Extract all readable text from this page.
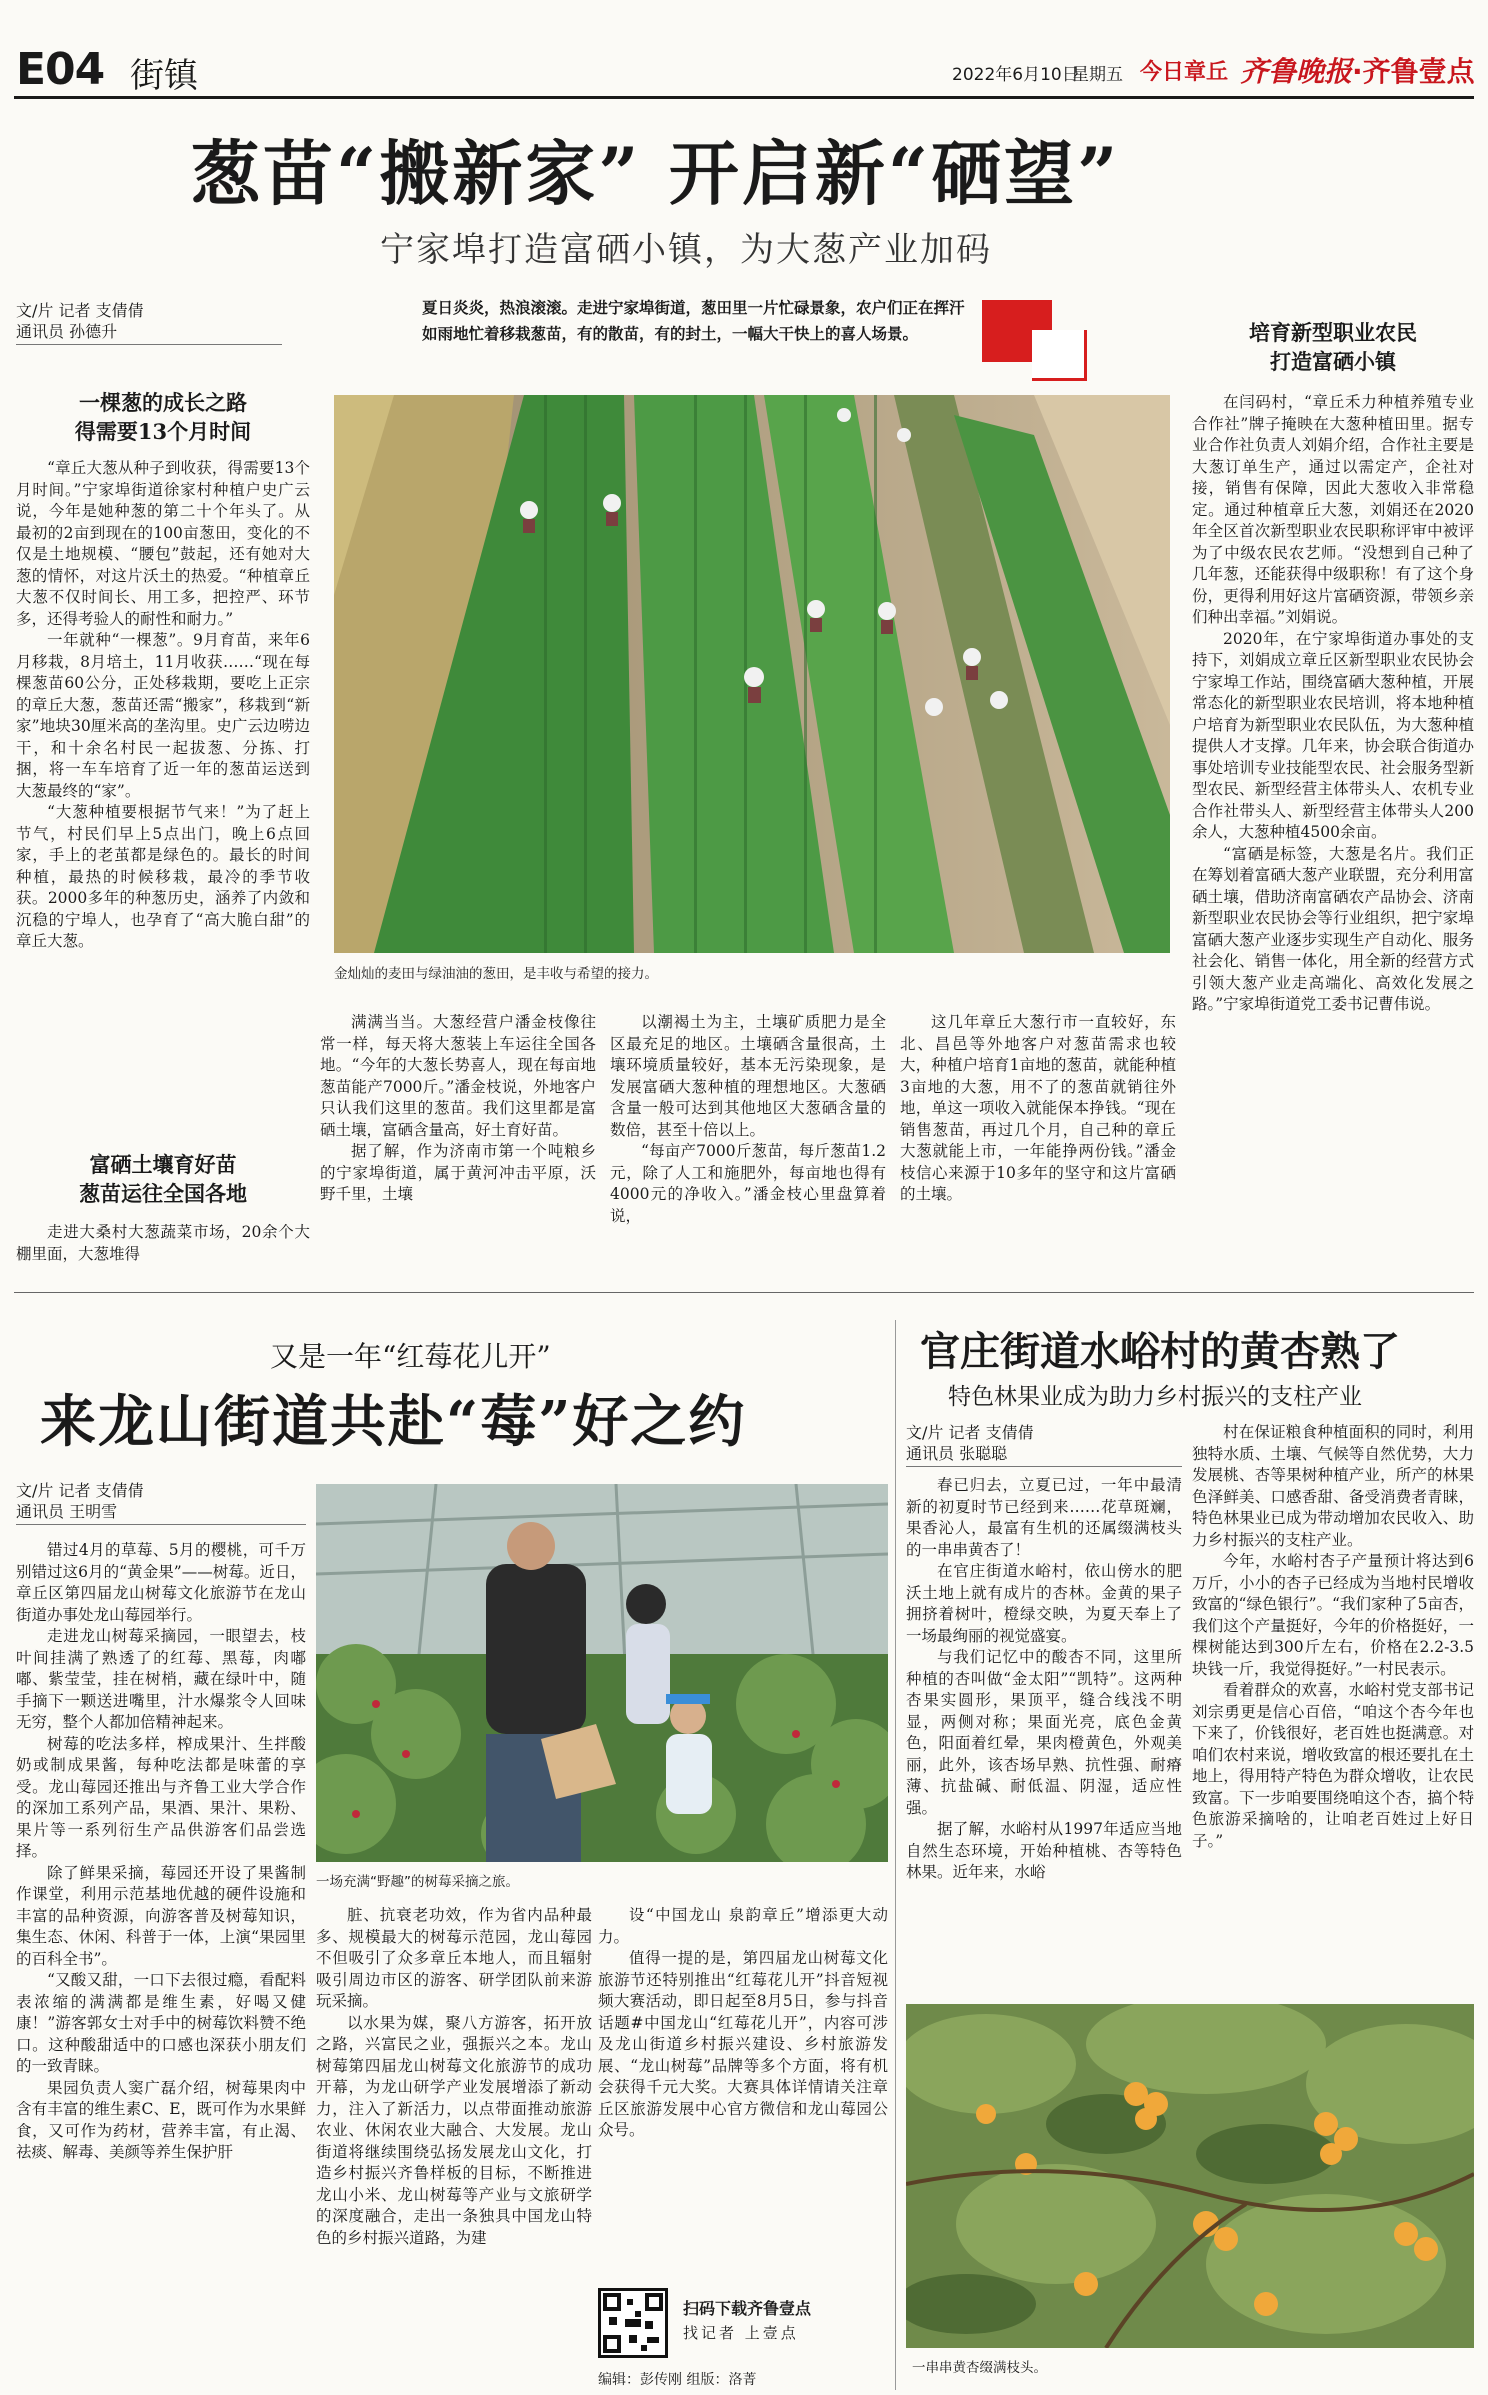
E04 街镇	2022年6月10日
星期五 今日章丘 齐鲁晚报 ·齐鲁壹点
葱苗“搬新家” 开启新“硒望”
宁家埠打造富硒小镇，为大葱产业加码
文/片 记者 支倩倩
通讯员 孙德升
夏日炎炎，热浪滚滚。走进宁家埠街道，葱田里一片忙碌景象，农户们正在挥汗如雨地忙着移栽葱苗，有的散苗，有的封土，一幅大干快上的喜人场景。
一棵葱的成长之路
得需要13个月时间

“章丘大葱从种子到收获，得需要13个月时间。”宁家埠街道徐家村种植户史广云说，今年是她种葱的第二十个年头了。从最初的2亩到现在的100亩葱田，变化的不仅是土地规模、“腰包”鼓起，还有她对大葱的情怀，对这片沃土的热爱。“种植章丘大葱不仅时间长、用工多，把控严、环节多，还得考验人的耐性和耐力。”

一年就种“一棵葱”。9月育苗，来年6月移栽，8月培土，11月收获……“现在每棵葱苗60公分，正处移栽期，要吃上正宗的章丘大葱，葱苗还需“搬家”，移栽到“新家”地块30厘米高的垄沟里。史广云边唠边干，和十余名村民一起拔葱、分拣、打捆，将一车车培育了近一年的葱苗运送到大葱最终的“家”。

“大葱种植要根据节气来！”为了赶上节气，村民们早上5点出门，晚上6点回家，手上的老茧都是绿色的。最长的时间种植，最热的时候移栽，最冷的季节收获。2000多年的种葱历史，涵养了内敛和沉稳的宁埠人，也孕育了“高大脆白甜”的章丘大葱。

富硒土壤育好苗
葱苗运往全国各地

走进大桑村大葱蔬菜市场，20余个大棚里面，大葱堆得

金灿灿的麦田与绿油油的葱田，是丰收与希望的接力。

满满当当。大葱经营户潘金枝像往常一样，每天将大葱装上车运往全国各地。“今年的大葱长势喜人，现在每亩地葱苗能产7000斤。”潘金枝说，外地客户只认我们这里的葱苗。我们这里都是富硒土壤，富硒含量高，好土育好苗。

据了解，作为济南市第一个吨粮乡的宁家埠街道，属于黄河冲击平原，沃野千里，土壤

以潮褐土为主，土壤矿质肥力是全区最充足的地区。土壤硒含量很高，土壤环境质量较好，基本无污染现象，是发展富硒大葱种植的理想地区。大葱硒含量一般可达到其他地区大葱硒含量的数倍，甚至十倍以上。

“每亩产7000斤葱苗，每斤葱苗1.2元，除了人工和施肥外，每亩地也得有4000元的净收入。”潘金枝心里盘算着说，

这几年章丘大葱行市一直较好，东北、昌邑等外地客户对葱苗需求也较大，种植户培育1亩地的葱苗，就能种植3亩地的大葱，用不了的葱苗就销往外地，单这一项收入就能保本挣钱。“现在销售葱苗，再过几个月，自己种的章丘大葱就能上市，一年能挣两份钱。”潘金枝信心来源于10多年的坚守和这片富硒的土壤。

培育新型职业农民
打造富硒小镇

在闫码村，“章丘禾力种植养殖专业合作社”牌子掩映在大葱种植田里。据专业合作社负责人刘娟介绍，合作社主要是大葱订单生产，通过以需定产，企社对接，销售有保障，因此大葱收入非常稳定。通过种植章丘大葱，刘娟还在2020年全区首次新型职业农民职称评审中被评为了中级农民农艺师。“没想到自己种了几年葱，还能获得中级职称！有了这个身份，更得利用好这片富硒资源，带领乡亲们种出幸福。”刘娟说。

2020年，在宁家埠街道办事处的支持下，刘娟成立章丘区新型职业农民协会宁家埠工作站，围绕富硒大葱种植，开展常态化的新型职业农民培训，将本地种植户培育为新型职业农民队伍，为大葱种植提供人才支撑。几年来，协会联合街道办事处培训专业技能型农民、社会服务型新型农民、新型经营主体带头人、农机专业合作社带头人、新型经营主体带头人200余人，大葱种植4500余亩。

“富硒是标签，大葱是名片。我们正在筹划着富硒大葱产业联盟，充分利用富硒土壤，借助济南富硒农产品协会、济南新型职业农民协会等行业组织，把宁家埠富硒大葱产业逐步实现生产自动化、服务社会化、销售一体化，用全新的经营方式引领大葱产业走高端化、高效化发展之路。”宁家埠街道党工委书记曹伟说。

又是一年“红莓花儿开”
来龙山街道共赴“莓”好之约
文/片 记者 支倩倩
通讯员 王明雪

错过4月的草莓、5月的樱桃，可千万别错过这6月的“黄金果”——树莓。近日，章丘区第四届龙山树莓文化旅游节在龙山街道办事处龙山莓园举行。

走进龙山树莓采摘园，一眼望去，枝叶间挂满了熟透了的红莓、黑莓，肉嘟嘟、紫莹莹，挂在树梢，藏在绿叶中，随手摘下一颗送进嘴里，汁水爆浆令人回味无穷，整个人都加倍精神起来。

树莓的吃法多样，榨成果汁、生拌酸奶或制成果酱，每种吃法都是味蕾的享受。龙山莓园还推出与齐鲁工业大学合作的深加工系列产品，果酒、果汁、果粉、果片等一系列衍生产品供游客们品尝选择。

除了鲜果采摘，莓园还开设了果酱制作课堂，利用示范基地优越的硬件设施和丰富的品种资源，向游客普及树莓知识，集生态、休闲、科普于一体，上演“果园里的百科全书”。

“又酸又甜，一口下去很过瘾，看配料表浓缩的满满都是维生素，好喝又健康！”游客郭女士对手中的树莓饮料赞不绝口。这种酸甜适中的口感也深获小朋友们的一致青睐。

果园负责人窦广磊介绍，树莓果肉中含有丰富的维生素C、E，既可作为水果鲜食，又可作为药材，营养丰富，有止渴、祛痰、解毒、美颜等养生保护肝

一场充满“野趣”的树莓采摘之旅。

脏、抗衰老功效，作为省内品种最多、规模最大的树莓示范园，龙山莓园不但吸引了众多章丘本地人，而且辐射吸引周边市区的游客、研学团队前来游玩采摘。

以水果为媒，聚八方游客，拓开放之路，兴富民之业，强振兴之本。龙山树莓第四届龙山树莓文化旅游节的成功开幕，为龙山研学产业发展增添了新动力，注入了新活力，以点带面推动旅游农业、休闲农业大融合、大发展。龙山街道将继续围绕弘扬发展龙山文化，打造乡村振兴齐鲁样板的目标，不断推进龙山小米、龙山树莓等产业与文旅研学的深度融合，走出一条独具中国龙山特色的乡村振兴道路，为建

设“中国龙山 泉韵章丘”增添更大动力。

值得一提的是，第四届龙山树莓文化旅游节还特别推出“红莓花儿开”抖音短视频大赛活动，即日起至8月5日，参与抖音话题#中国龙山“红莓花儿开”，内容可涉及龙山街道乡村振兴建设、乡村旅游发展、“龙山树莓”品牌等多个方面，将有机会获得千元大奖。大赛具体详情请关注章丘区旅游发展中心官方微信和龙山莓园公众号。

扫码下载齐鲁壹点
找记者 上壹点
编辑：彭传刚 组版：洛菁
官庄街道水峪村的黄杏熟了
特色林果业成为助力乡村振兴的支柱产业
文/片 记者 支倩倩
通讯员 张聪聪

春已归去，立夏已过，一年中最清新的初夏时节已经到来……花草斑斓，果香沁人，最富有生机的还属缀满枝头的一串串黄杏了！

在官庄街道水峪村，依山傍水的肥沃土地上就有成片的杏林。金黄的果子拥挤着树叶，橙绿交映，为夏天奉上了一场最绚丽的视觉盛宴。

与我们记忆中的酸杏不同，这里所种植的杏叫做“金太阳”“凯特”。这两种杏果实圆形，果顶平，缝合线浅不明显，两侧对称；果面光亮，底色金黄色，阳面着红晕，果肉橙黄色，外观美丽，此外，该杏场早熟、抗性强、耐瘠薄、抗盐碱、耐低温、阴湿，适应性强。

据了解，水峪村从1997年适应当地自然生态环境，开始种植桃、杏等特色林果。近年来，水峪

村在保证粮食种植面积的同时，利用独特水质、土壤、气候等自然优势，大力发展桃、杏等果树种植产业，所产的林果色泽鲜美、口感香甜、备受消费者青睐，特色林果业已成为带动增加农民收入、助力乡村振兴的支柱产业。

今年，水峪村杏子产量预计将达到6万斤，小小的杏子已经成为当地村民增收致富的“绿色银行”。“我们家种了5亩杏，我们这个产量挺好，今年的价格挺好，一棵树能达到300斤左右，价格在2.2-3.5块钱一斤，我觉得挺好。”一村民表示。

看着群众的欢喜，水峪村党支部书记刘宗勇更是信心百倍，“咱这个杏今年也下来了，价钱很好，老百姓也挺满意。对咱们农村来说，增收致富的根还要扎在土地上，得用特产特色为群众增收，让农民致富。下一步咱要围绕咱这个杏，搞个特色旅游采摘啥的，让咱老百姓过上好日子。”

一串串黄杏缀满枝头。
